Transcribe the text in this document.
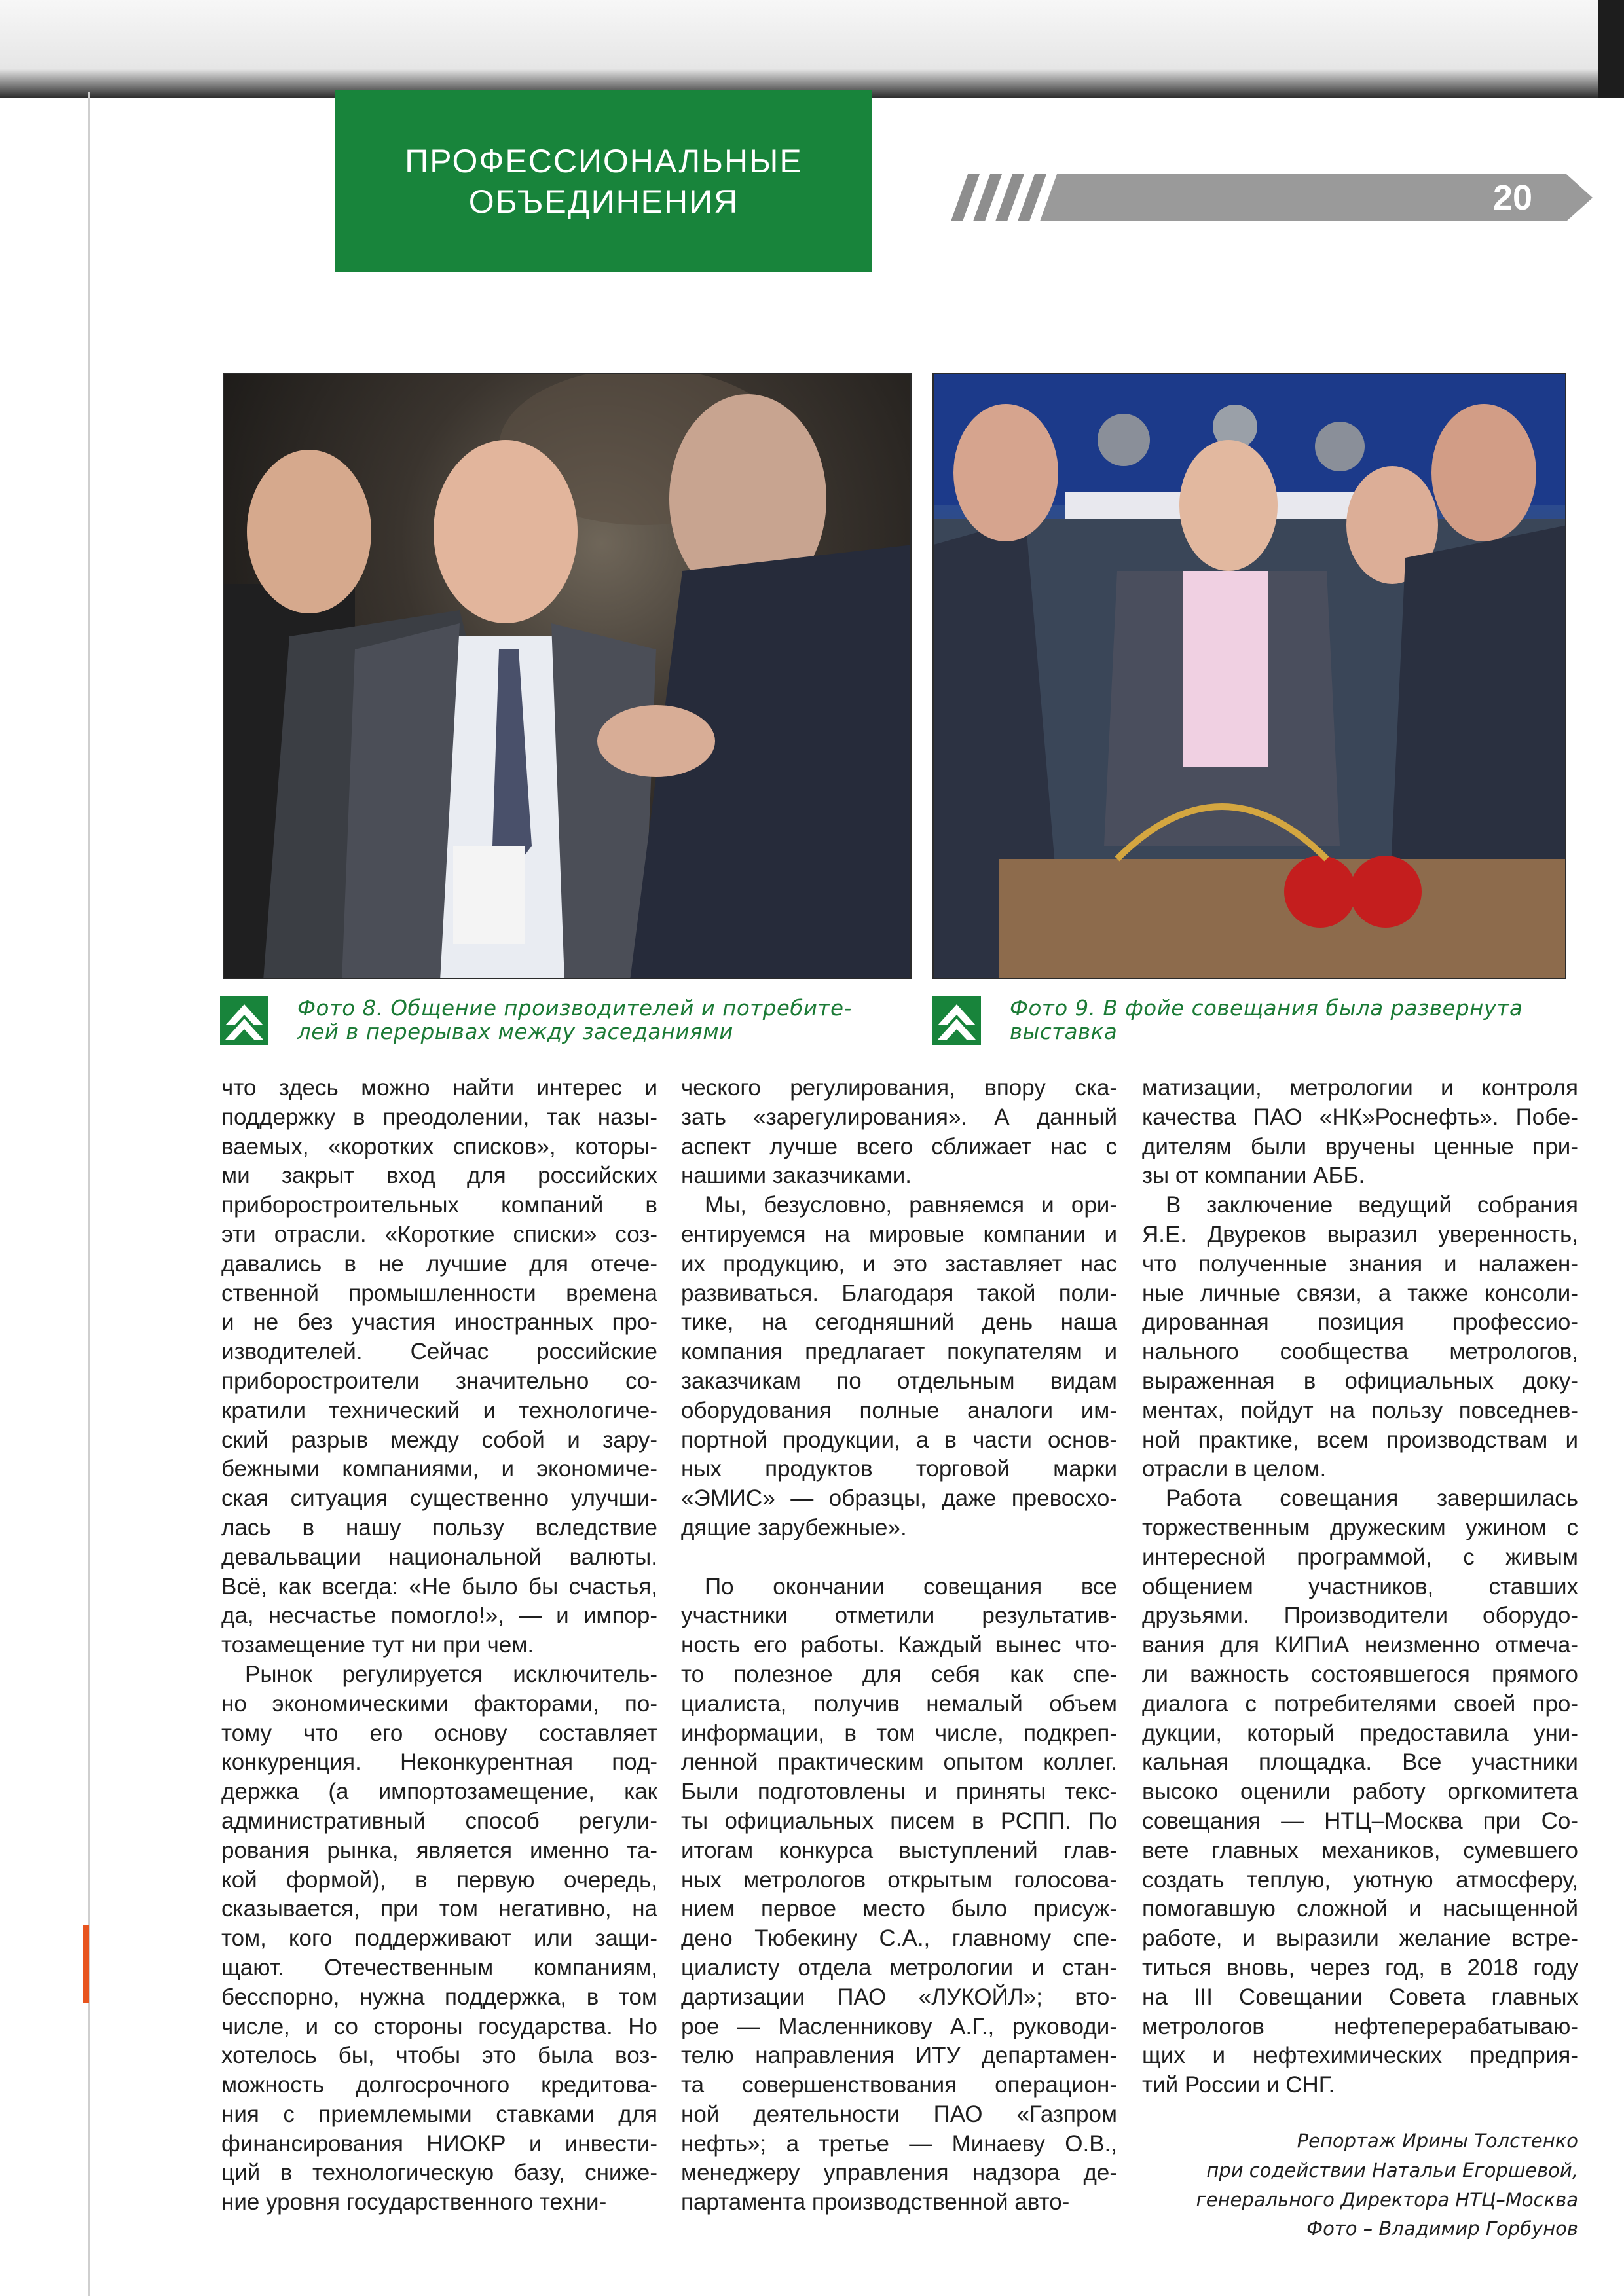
ПРОФЕССИОНАЛЬНЫЕ
ОБЪЕДИНЕНИЯ	20
Фото 8. Общение производителей и потребите-
лей в перерывах между заседаниями
Фото 9. В фойе совещания была развернута
выставка
что здесь можно найти интерес и
поддержку в преодолении, так назы-
ваемых, «коротких списков», которы-
ми закрыт вход для российских
приборостроительных компаний в
эти отрасли. «Короткие списки» соз-
давались в не лучшие для отече-
ственной промышленности времена
и не без участия иностранных про-
изводителей. Сейчас российские
приборостроители значительно со-
кратили технический и технологиче-
ский разрыв между собой и зару-
бежными компаниями, и экономиче-
ская ситуация существенно улучши-
лась в нашу пользу вследствие
девальвации национальной валюты.
Всё, как всегда: «Не было бы счастья,
да, несчастье помогло!», — и импор-
тозамещение тут ни при чем.
Рынок регулируется исключитель-
но экономическими факторами, по-
тому что его основу составляет
конкуренция. Неконкурентная под-
держка (а импортозамещение, как
административный способ регули-
рования рынка, является именно та-
кой формой), в первую очередь,
сказывается, при том негативно, на
том, кого поддерживают или защи-
щают. Отечественным компаниям,
бесспорно, нужна поддержка, в том
числе, и со стороны государства. Но
хотелось бы, чтобы это была воз-
можность долгосрочного кредитова-
ния с приемлемыми ставками для
финансирования НИОКР и инвести-
ций в технологическую базу, сниже-
ние уровня государственного техни-
ческого регулирования, впору ска-
зать «зарегулирования». А данный
аспект лучше всего сближает нас с
нашими заказчиками.
Мы, безусловно, равняемся и ори-
ентируемся на мировые компании и
их продукцию, и это заставляет нас
развиваться. Благодаря такой поли-
тике, на сегодняшний день наша
компания предлагает покупателям и
заказчикам по отдельным видам
оборудования полные аналоги им-
портной продукции, а в части основ-
ных продуктов торговой марки
«ЭМИС» — образцы, даже превосхо-
дящие зарубежные».
По окончании совещания все
участники отметили результатив-
ность его работы. Каждый вынес что-
то полезное для себя как спе-
циалиста, получив немалый объем
информации, в том числе, подкреп-
ленной практическим опытом коллег.
Были подготовлены и приняты текс-
ты официальных писем в РСПП. По
итогам конкурса выступлений глав-
ных метрологов открытым голосова-
нием первое место было присуж-
дено Тюбекину С.А., главному спе-
циалисту отдела метрологии и стан-
дартизации ПАО «ЛУКОЙЛ»; вто-
рое — Масленникову А.Г., руководи-
телю направления ИТУ департамен-
та совершенствования операцион-
ной деятельности ПАО «Газпром
нефть»; а третье — Минаеву О.В.,
менеджеру управления надзора де-
партамента производственной авто-
матизации, метрологии и контроля
качества ПАО «НК»Роснефть». Побе-
дителям были вручены ценные при-
зы от компании АББ.
В заключение ведущий собрания
Я.Е. Двуреков выразил уверенность,
что полученные знания и налажен-
ные личные связи, а также консоли-
дированная позиция профессио-
нального сообщества метрологов,
выраженная в официальных доку-
ментах, пойдут на пользу повседнев-
ной практике, всем производствам и
отрасли в целом.
Работа совещания завершилась
торжественным дружеским ужином с
интересной программой, с живым
общением участников, ставших
друзьями. Производители оборудо-
вания для КИПиА неизменно отмеча-
ли важность состоявшегося прямого
диалога с потребителями своей про-
дукции, который предоставила уни-
кальная площадка. Все участники
высоко оценили работу оргкомитета
совещания — НТЦ–Москва при Со-
вете главных механиков, сумевшего
создать теплую, уютную атмосферу,
помогавшую сложной и насыщенной
работе, и выразили желание встре-
титься вновь, через год, в 2018 году
на III Совещании Совета главных
метрологов нефтеперерабатываю-
щих и нефтехимических предприя-
тий России и СНГ.
Репортаж Ирины Толстенко
при содействии Натальи Егоршевой,
генерального Директора НТЦ–Москва
Фото – Владимир Горбунов
